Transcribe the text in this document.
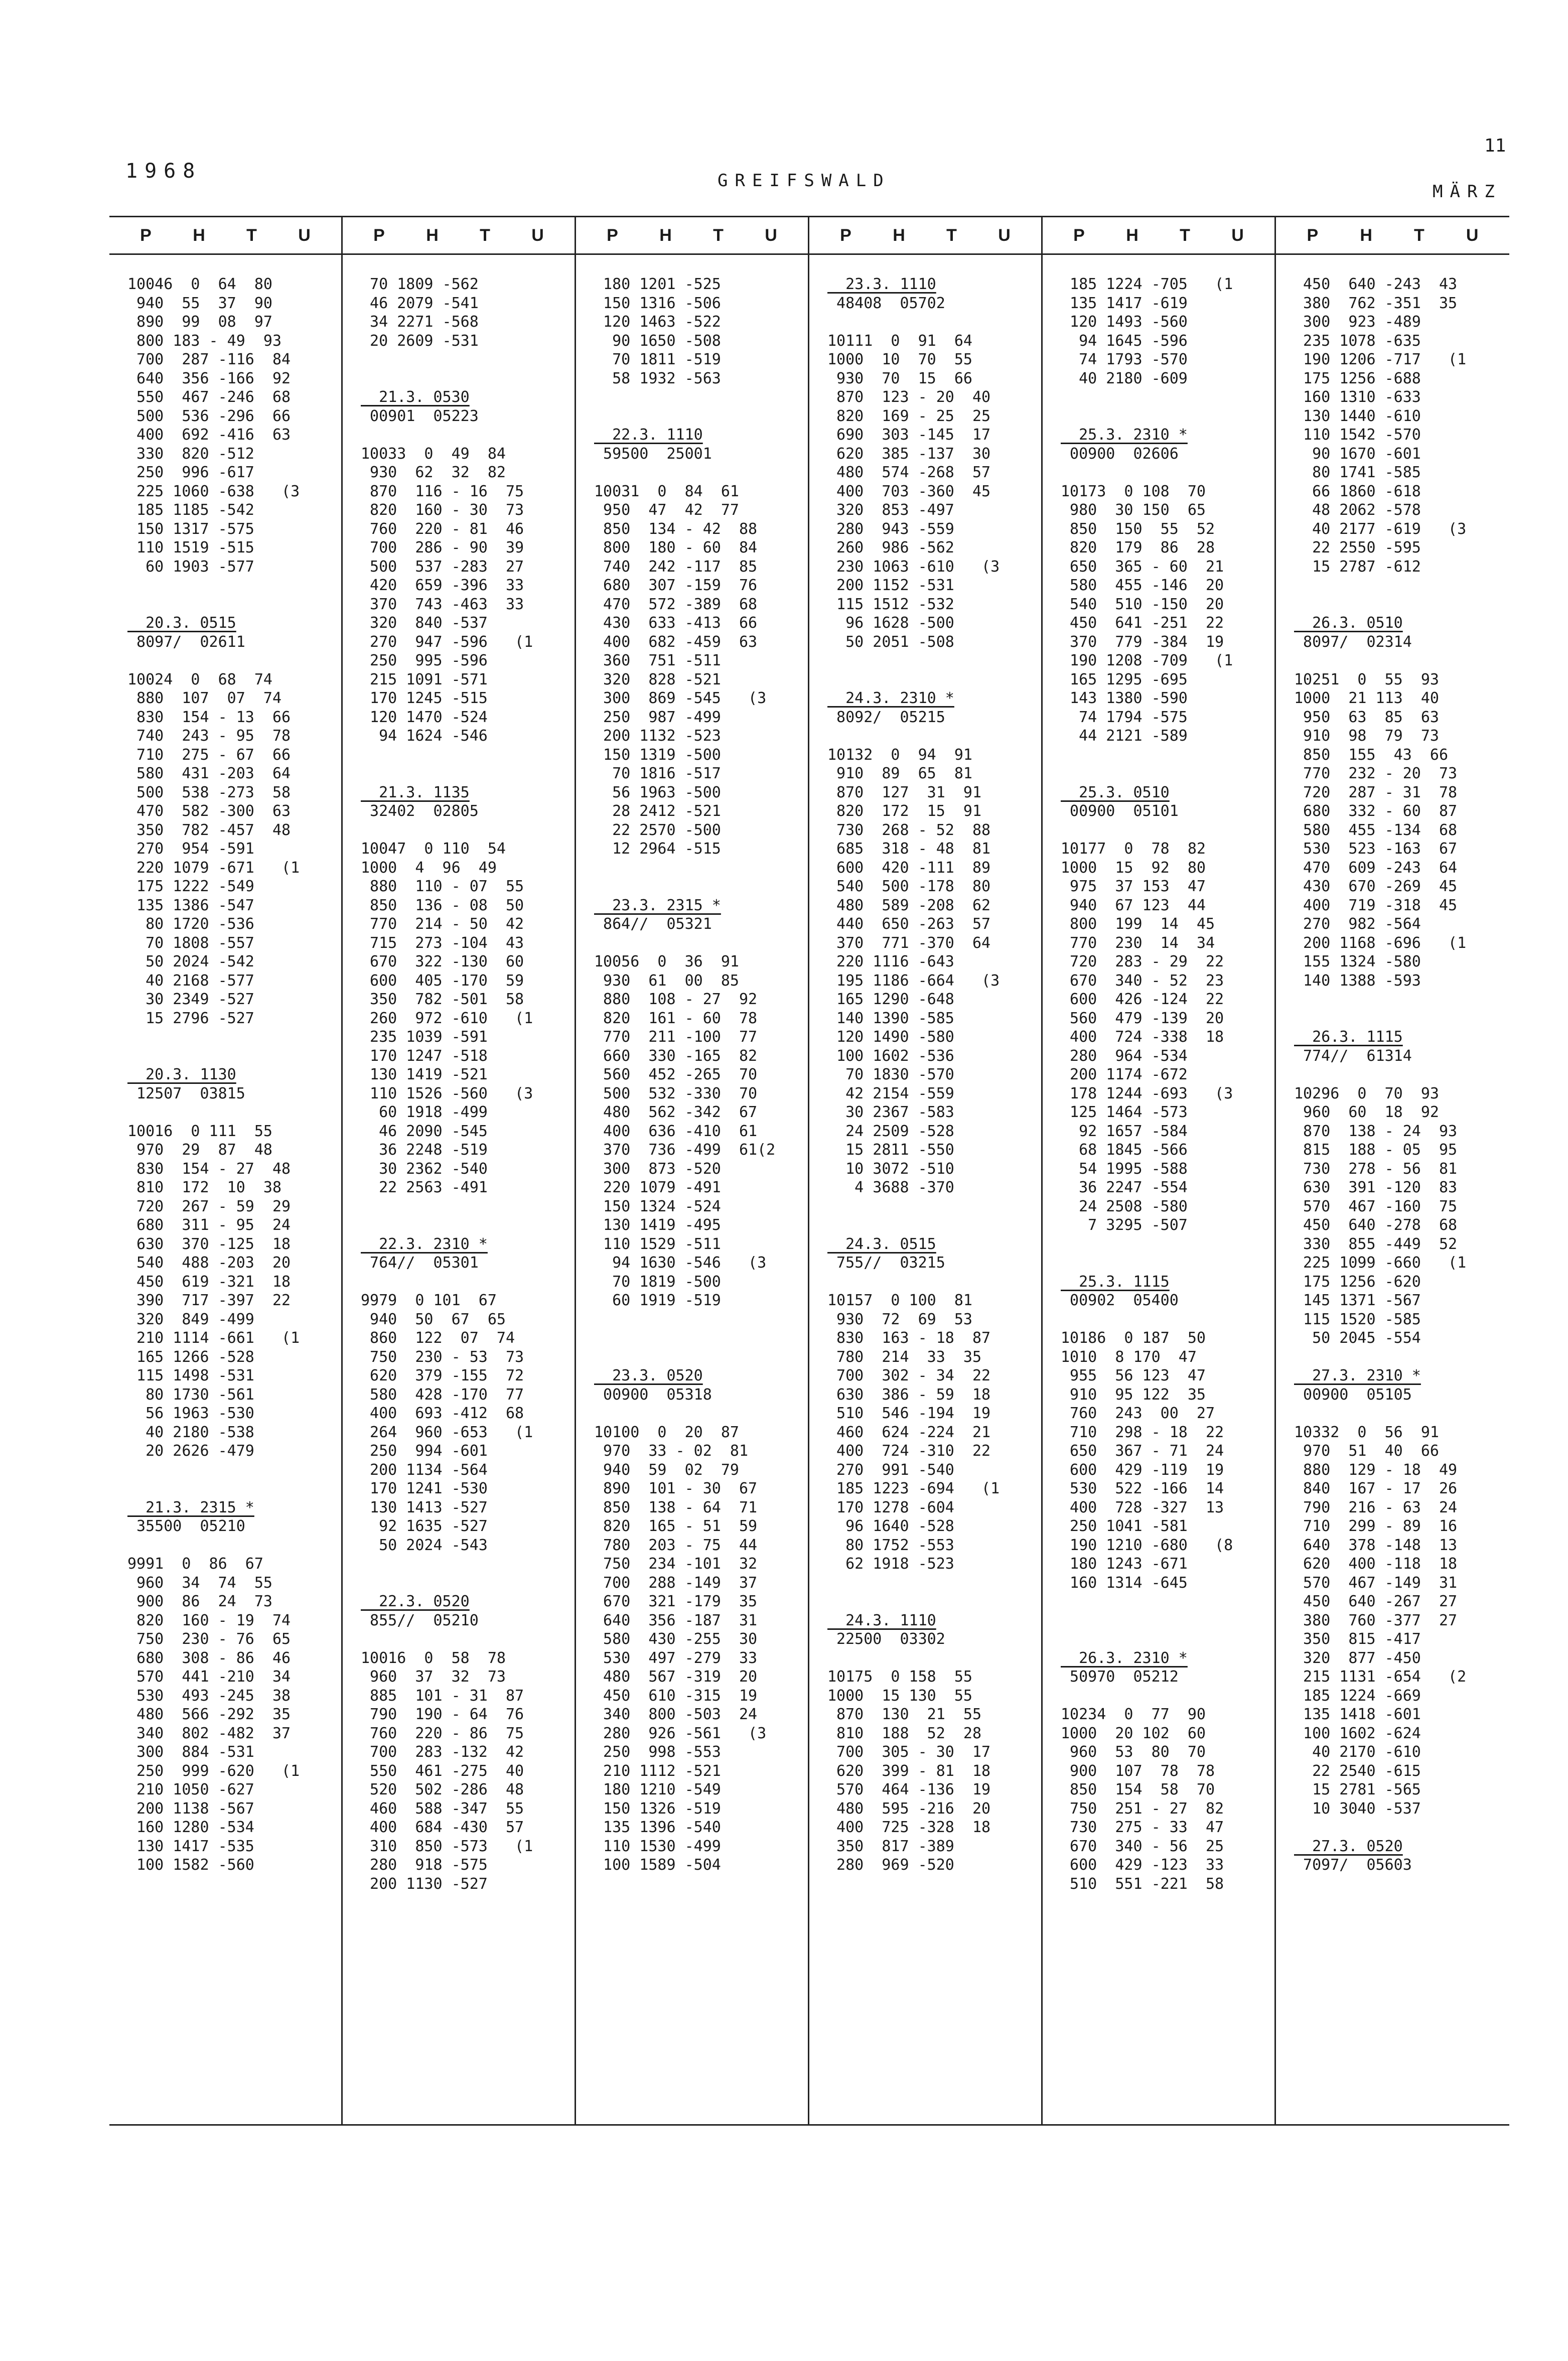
1968	GREIFSWALD
11
MÄRZ
P H T U
10046  0  64  80
940  55  37  90
890  99  08  97
800 183 - 49  93
700  287 -116  84
640  356 -166  92
550  467 -246  68
500  536 -296  66
400  692 -416  63
330  820 -512
250  996 -617
225 1060 -638   (3
185 1185 -542
150 1317 -575
110 1519 -515
60 1903 -577
20.3. 0515
8097/  02611
10024  0  68  74
880  107  07  74
830  154 - 13  66
740  243 - 95  78
710  275 - 67  66
580  431 -203  64
500  538 -273  58
470  582 -300  63
350  782 -457  48
270  954 -591
220 1079 -671   (1
175 1222 -549
135 1386 -547
80 1720 -536
70 1808 -557
50 2024 -542
40 2168 -577
30 2349 -527
15 2796 -527
20.3. 1130
12507  03815
10016  0 111  55
970  29  87  48
830  154 - 27  48
810  172  10  38
720  267 - 59  29
680  311 - 95  24
630  370 -125  18
540  488 -203  20
450  619 -321  18
390  717 -397  22
320  849 -499
210 1114 -661   (1
165 1266 -528
115 1498 -531
80 1730 -561
56 1963 -530
40 2180 -538
20 2626 -479
21.3. 2315 *
35500  05210
9991  0  86  67
960  34  74  55
900  86  24  73
820  160 - 19  74
750  230 - 76  65
680  308 - 86  46
570  441 -210  34
530  493 -245  38
480  566 -292  35
340  802 -482  37
300  884 -531
250  999 -620   (1
210 1050 -627
200 1138 -567
160 1280 -534
130 1417 -535
100 1582 -560
P H T U
70 1809 -562
46 2079 -541
34 2271 -568
20 2609 -531
21.3. 0530
00901  05223
10033  0  49  84
930  62  32  82
870  116 - 16  75
820  160 - 30  73
760  220 - 81  46
700  286 - 90  39
500  537 -283  27
420  659 -396  33
370  743 -463  33
320  840 -537
270  947 -596   (1
250  995 -596
215 1091 -571
170 1245 -515
120 1470 -524
94 1624 -546
21.3. 1135
32402  02805
10047  0 110  54
1000  4  96  49
880  110 - 07  55
850  136 - 08  50
770  214 - 50  42
715  273 -104  43
670  322 -130  60
600  405 -170  59
350  782 -501  58
260  972 -610   (1
235 1039 -591
170 1247 -518
130 1419 -521
110 1526 -560   (3
60 1918 -499
46 2090 -545
36 2248 -519
30 2362 -540
22 2563 -491
22.3. 2310 *
764//  05301
9979  0 101  67
940  50  67  65
860  122  07  74
750  230 - 53  73
620  379 -155  72
580  428 -170  77
400  693 -412  68
264  960 -653   (1
250  994 -601
200 1134 -564
170 1241 -530
130 1413 -527
92 1635 -527
50 2024 -543
22.3. 0520
855//  05210
10016  0  58  78
960  37  32  73
885  101 - 31  87
790  190 - 64  76
760  220 - 86  75
700  283 -132  42
550  461 -275  40
520  502 -286  48
460  588 -347  55
400  684 -430  57
310  850 -573   (1
280  918 -575
200 1130 -527
P H T U
180 1201 -525
150 1316 -506
120 1463 -522
90 1650 -508
70 1811 -519
58 1932 -563
22.3. 1110
59500  25001
10031  0  84  61
950  47  42  77
850  134 - 42  88
800  180 - 60  84
740  242 -117  85
680  307 -159  76
470  572 -389  68
430  633 -413  66
400  682 -459  63
360  751 -511
320  828 -521
300  869 -545   (3
250  987 -499
200 1132 -523
150 1319 -500
70 1816 -517
56 1963 -500
28 2412 -521
22 2570 -500
12 2964 -515
23.3. 2315 *
864//  05321
10056  0  36  91
930  61  00  85
880  108 - 27  92
820  161 - 60  78
770  211 -100  77
660  330 -165  82
560  452 -265  70
500  532 -330  70
480  562 -342  67
400  636 -410  61
370  736 -499  61(2
300  873 -520
220 1079 -491
150 1324 -524
130 1419 -495
110 1529 -511
94 1630 -546   (3
70 1819 -500
60 1919 -519
23.3. 0520
00900  05318
10100  0  20  87
970  33 - 02  81
940  59  02  79
890  101 - 30  67
850  138 - 64  71
820  165 - 51  59
780  203 - 75  44
750  234 -101  32
700  288 -149  37
670  321 -179  35
640  356 -187  31
580  430 -255  30
530  497 -279  33
480  567 -319  20
450  610 -315  19
340  800 -503  24
280  926 -561   (3
250  998 -553
210 1112 -521
180 1210 -549
150 1326 -519
135 1396 -540
110 1530 -499
100 1589 -504
P H T U
23.3. 1110
48408  05702
10111  0  91  64
1000  10  70  55
930  70  15  66
870  123 - 20  40
820  169 - 25  25
690  303 -145  17
620  385 -137  30
480  574 -268  57
400  703 -360  45
320  853 -497
280  943 -559
260  986 -562
230 1063 -610   (3
200 1152 -531
115 1512 -532
96 1628 -500
50 2051 -508
24.3. 2310 *
8092/  05215
10132  0  94  91
910  89  65  81
870  127  31  91
820  172  15  91
730  268 - 52  88
685  318 - 48  81
600  420 -111  89
540  500 -178  80
480  589 -208  62
440  650 -263  57
370  771 -370  64
220 1116 -643
195 1186 -664   (3
165 1290 -648
140 1390 -585
120 1490 -580
100 1602 -536
70 1830 -570
42 2154 -559
30 2367 -583
24 2509 -528
15 2811 -550
10 3072 -510
4 3688 -370
24.3. 0515
755//  03215
10157  0 100  81
930  72  69  53
830  163 - 18  87
780  214  33  35
700  302 - 34  22
630  386 - 59  18
510  546 -194  19
460  624 -224  21
400  724 -310  22
270  991 -540
185 1223 -694   (1
170 1278 -604
96 1640 -528
80 1752 -553
62 1918 -523
24.3. 1110
22500  03302
10175  0 158  55
1000  15 130  55
870  130  21  55
810  188  52  28
700  305 - 30  17
620  399 - 81  18
570  464 -136  19
480  595 -216  20
400  725 -328  18
350  817 -389
280  969 -520
P H T U
185 1224 -705   (1
135 1417 -619
120 1493 -560
94 1645 -596
74 1793 -570
40 2180 -609
25.3. 2310 *
00900  02606
10173  0 108  70
980  30 150  65
850  150  55  52
820  179  86  28
650  365 - 60  21
580  455 -146  20
540  510 -150  20
450  641 -251  22
370  779 -384  19
190 1208 -709   (1
165 1295 -695
143 1380 -590
74 1794 -575
44 2121 -589
25.3. 0510
00900  05101
10177  0  78  82
1000  15  92  80
975  37 153  47
940  67 123  44
800  199  14  45
770  230  14  34
720  283 - 29  22
670  340 - 52  23
600  426 -124  22
560  479 -139  20
400  724 -338  18
280  964 -534
200 1174 -672
178 1244 -693   (3
125 1464 -573
92 1657 -584
68 1845 -566
54 1995 -588
36 2247 -554
24 2508 -580
7 3295 -507
25.3. 1115
00902  05400
10186  0 187  50
1010  8 170  47
955  56 123  47
910  95 122  35
760  243  00  27
710  298 - 18  22
650  367 - 71  24
600  429 -119  19
530  522 -166  14
400  728 -327  13
250 1041 -581
190 1210 -680   (8
180 1243 -671
160 1314 -645
26.3. 2310 *
50970  05212
10234  0  77  90
1000  20 102  60
960  53  80  70
900  107  78  78
850  154  58  70
750  251 - 27  82
730  275 - 33  47
670  340 - 56  25
600  429 -123  33
510  551 -221  58
P H T U
450  640 -243  43
380  762 -351  35
300  923 -489
235 1078 -635
190 1206 -717   (1
175 1256 -688
160 1310 -633
130 1440 -610
110 1542 -570
90 1670 -601
80 1741 -585
66 1860 -618
48 2062 -578
40 2177 -619   (3
22 2550 -595
15 2787 -612
26.3. 0510
8097/  02314
10251  0  55  93
1000  21 113  40
950  63  85  63
910  98  79  73
850  155  43  66
770  232 - 20  73
720  287 - 31  78
680  332 - 60  87
580  455 -134  68
530  523 -163  67
470  609 -243  64
430  670 -269  45
400  719 -318  45
270  982 -564
200 1168 -696   (1
155 1324 -580
140 1388 -593
26.3. 1115
774//  61314
10296  0  70  93
960  60  18  92
870  138 - 24  93
815  188 - 05  95
730  278 - 56  81
630  391 -120  83
570  467 -160  75
450  640 -278  68
330  855 -449  52
225 1099 -660   (1
175 1256 -620
145 1371 -567
115 1520 -585
50 2045 -554
27.3. 2310 *
00900  05105
10332  0  56  91
970  51  40  66
880  129 - 18  49
840  167 - 17  26
790  216 - 63  24
710  299 - 89  16
640  378 -148  13
620  400 -118  18
570  467 -149  31
450  640 -267  27
380  760 -377  27
350  815 -417
320  877 -450
215 1131 -654   (2
185 1224 -669
135 1418 -601
100 1602 -624
40 2170 -610
22 2540 -615
15 2781 -565
10 3040 -537
27.3. 0520
7097/  05603
